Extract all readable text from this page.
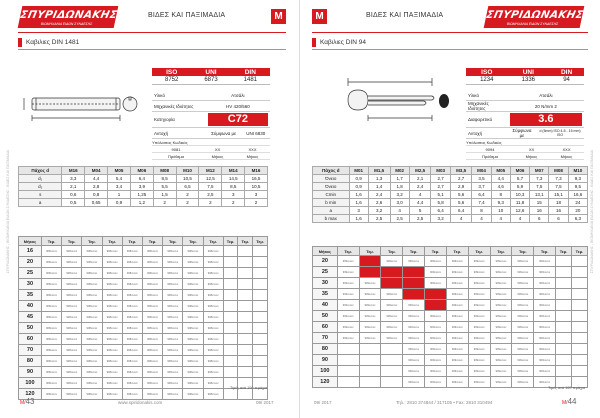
ΣΠΥΡΙΔΩΝΑΚΗΣ
ΒΙΟΜΗΧΑΝΙΑ ΕΙΔΩΝ ΣΥΝΔΕΣΗΣ
ΒΙΔΕΣ ΚΑΙ ΠΑΞΙΜΑΔΙΑ	M
Καβιλιες DIN 1481
ISO	UNI	DIN
8752	6873	1481
Υλικό	Ατσάλι	
Μηχανικές Ιδιότητες	HV 420/560	
Κατηγορία	C72	

Αντοχή	Σύμφωνα με	UNI 6830
Υπόλοιπος Κωδικός		
9081	ΧΧ	ΧΧΧ
Πρόθεμα	Μήκος	Μήκος
Πάχος d	M16	M04	M05	M06	M08	M10	M12	M14	M16
d₁	3,3	4,4	5,4	6,4	8,5	10,5	12,5	14,5	16,5
d₂	2,1	2,8	3,4	3,9	5,5	6,5	7,5	8,5	10,5
s	0,6	0,8	1	1,25	1,5	2	2,5	3	3
a	0,5	0,65	0,9	1,2	2	2	2	2	2
Μήκος	Τεμ.	Τεμ.	Τεμ.	Τεμ.	Τεμ.	Τεμ.	Τεμ.	Τεμ.	Τεμ.	Τεμ.	Τεμ.	Τεμ.
16	908xxxxx	908xxxxx	908xxxxx	908xxxxx	908xxxxx	908xxxxx	908xxxxx	908xxxxx	908xxxxx			
20	908xxxxx	908xxxxx	908xxxxx	908xxxxx	908xxxxx	908xxxxx	908xxxxx	908xxxxx	908xxxxx			
25	908xxxxx	908xxxxx	908xxxxx	908xxxxx	908xxxxx	908xxxxx	908xxxxx	908xxxxx	908xxxxx			
30	908xxxxx	908xxxxx	908xxxxx	908xxxxx	908xxxxx	908xxxxx	908xxxxx	908xxxxx	908xxxxx			
35	908xxxxx	908xxxxx	908xxxxx	908xxxxx	908xxxxx	908xxxxx	908xxxxx	908xxxxx	908xxxxx			
40	908xxxxx	908xxxxx	908xxxxx	908xxxxx	908xxxxx	908xxxxx	908xxxxx	908xxxxx	908xxxxx			
45	908xxxxx	908xxxxx	908xxxxx	908xxxxx	908xxxxx	908xxxxx	908xxxxx	908xxxxx	908xxxxx			
50	908xxxxx	908xxxxx	908xxxxx	908xxxxx	908xxxxx	908xxxxx	908xxxxx	908xxxxx	908xxxxx			
60	908xxxxx	908xxxxx	908xxxxx	908xxxxx	908xxxxx	908xxxxx	908xxxxx	908xxxxx	908xxxxx			
70	908xxxxx	908xxxxx	908xxxxx	908xxxxx	908xxxxx	908xxxxx	908xxxxx	908xxxxx	908xxxxx			
80	908xxxxx	908xxxxx	908xxxxx	908xxxxx	908xxxxx	908xxxxx	908xxxxx	908xxxxx	908xxxxx			
90	908xxxxx	908xxxxx	908xxxxx	908xxxxx	908xxxxx	908xxxxx	908xxxxx	908xxxxx	908xxxxx			
100	908xxxxx	908xxxxx	908xxxxx	908xxxxx	908xxxxx	908xxxxx	908xxxxx	908xxxxx	908xxxxx			
120	908xxxxx	908xxxxx	908xxxxx	908xxxxx	908xxxxx	908xxxxx	908xxxxx	908xxxxx	908xxxxx			
Τιμές ανά 100 τεμάχια
M/43	www.spiridonakis.com	09/ 2017
ΣΠΥΡΙΔΩΝΑΚΗΣ - ΒΙΟΜΗΧΑΝΙΑ ΕΙΔΩΝ ΣΥΝΔΕΣΗΣ - ΒΙΔΕΣ ΚΑΙ ΠΑΞΙΜΑΔΙΑ
M	ΒΙΔΕΣ ΚΑΙ ΠΑΞΙΜΑΔΙΑ	ΣΠΥΡΙΔΩΝΑΚΗΣ
ΒΙΟΜΗΧΑΝΙΑ ΕΙΔΩΝ ΣΥΝΔΕΣΗΣ
Καβιλιες DIN 94
ISO	UNI	DIN
1234	1336	94
Υλικό	Ατσάλι	
Μηχανικές Ιδιότητες	20 Ν/mm 2	
Διαφορετικό	3.6	

Αντοχή	Σύμφωνα με	d (5mm) ISO 4-5 - 15 mm) ISO
Υπόλοιπος Κωδικός		
9094	ΧΧ	ΧΧΧ
Πρόθεμα	Μήκος	Μήκος
Πάχος d	M01	M1,5	M02	M2,5	M03	M3,5	M04	M05	M06	M07	M08	M10
Όνειο	0,9	1,3	1,7	2,1	2,7	2,7	3,5	4,4	5,7	7,3	7,3	9,3
Όνειο	0,9	1,4	1,8	2,4	2,7	2,9	3,7	4,6	5,9	7,5	7,5	9,5
Cmin	1,6	2,4	3,2	4	5,1	5,6	6,4	8	10,3	13,1	15,1	16,6
b min	1,6	2,6	3,0	4,4	5,8	5,6	7,4	9,3	11,8	15	18	24
a	3	3,2	4	5	6,4	6,4	8	10	12,6	16	16	20
b max	1,6	2,5	2,5	2,5	3,2	4	4	4	4	6	6	6,3
Μήκος	Τεμ.	Τεμ.	Τεμ.	Τεμ.	Τεμ.	Τεμ.	Τεμ.	Τεμ.	Τεμ.	Τεμ.	Τεμ.	Τεμ.
20	909xxxxx		909xxxxx	909xxxxx	909xxxxx	909xxxxx	909xxxxx	909xxxxx	909xxxxx	909xxxxx		
25	909xxxxx				909xxxxx	909xxxxx	909xxxxx	909xxxxx	909xxxxx	909xxxxx		
30	909xxxxx	909xxxxx			909xxxxx	909xxxxx	909xxxxx	909xxxxx	909xxxxx	909xxxxx		
35	909xxxxx	909xxxxx	909xxxxx			909xxxxx	909xxxxx	909xxxxx	909xxxxx	909xxxxx		
40	909xxxxx	909xxxxx	909xxxxx	909xxxxx		909xxxxx	909xxxxx	909xxxxx	909xxxxx	909xxxxx		
50	909xxxxx	909xxxxx	909xxxxx	909xxxxx	909xxxxx	909xxxxx	909xxxxx	909xxxxx	909xxxxx	909xxxxx		
60	909xxxxx	909xxxxx	909xxxxx	909xxxxx	909xxxxx	909xxxxx	909xxxxx	909xxxxx	909xxxxx	909xxxxx		
70	909xxxxx	909xxxxx	909xxxxx	909xxxxx	909xxxxx	909xxxxx	909xxxxx	909xxxxx	909xxxxx	909xxxxx		
80				909xxxxx	909xxxxx	909xxxxx	909xxxxx	909xxxxx	909xxxxx	909xxxxx		
90				909xxxxx	909xxxxx	909xxxxx	909xxxxx	909xxxxx	909xxxxx	909xxxxx		
100				909xxxxx	909xxxxx	909xxxxx	909xxxxx	909xxxxx	909xxxxx	909xxxxx		
120				909xxxxx	909xxxxx	909xxxxx	909xxxxx	909xxxxx	909xxxxx	909xxxxx		
Τιμές ανά 100 τεμάχια
09/ 2017	Τηλ.: 2810 374844 / 317105 • Fax: 2810 310494	M/44
ΣΠΥΡΙΔΩΝΑΚΗΣ - ΒΙΟΜΗΧΑΝΙΑ ΕΙΔΩΝ ΣΥΝΔΕΣΗΣ - ΒΙΔΕΣ ΚΑΙ ΠΑΞΙΜΑΔΙΑ
